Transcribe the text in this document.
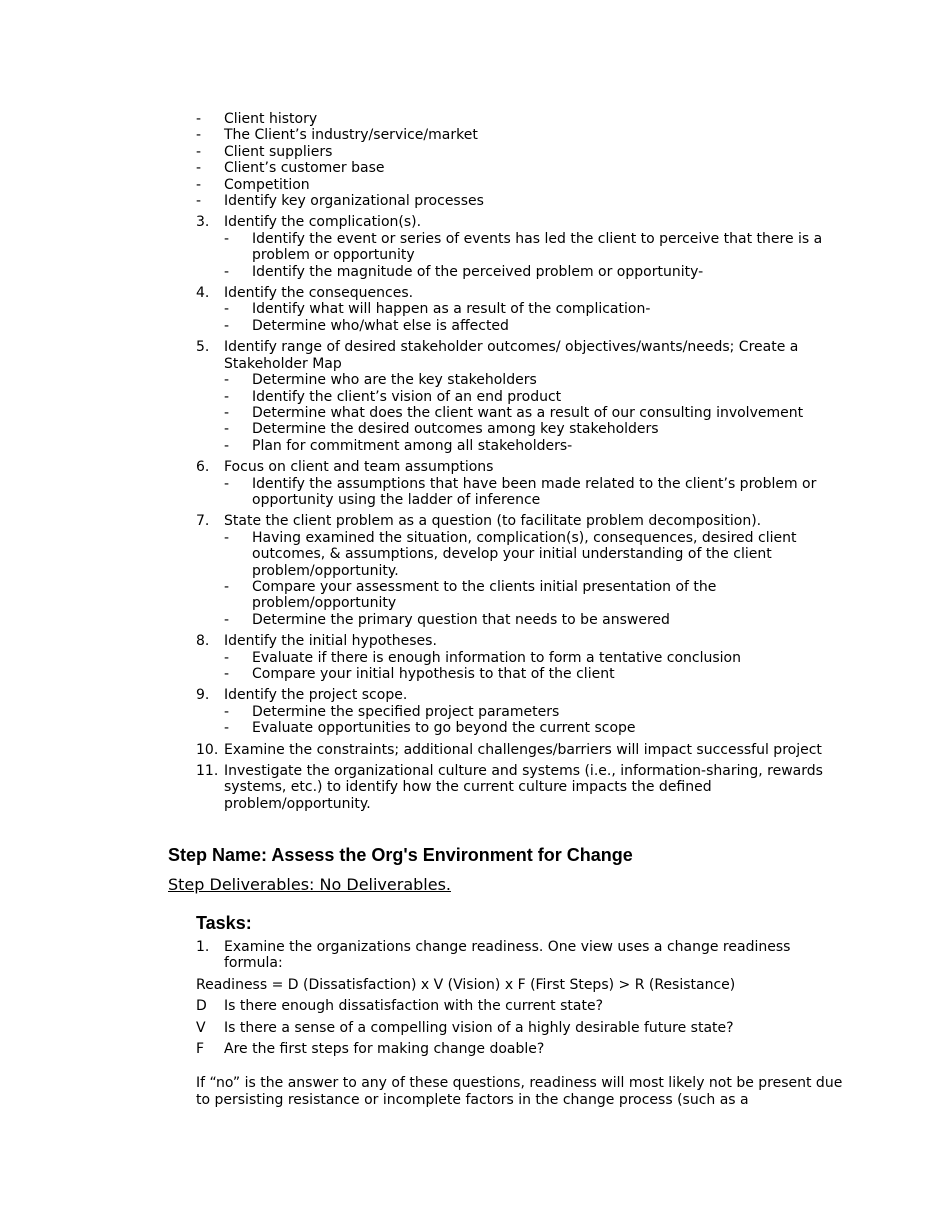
- Client history
- The Client’s industry/service/market
- Client suppliers
- Client’s customer base
- Competition
- Identify key organizational processes
3. Identify the complication(s).
- Identify the event or series of events has led the client to perceive that there is a problem or opportunity
- Identify the magnitude of the perceived problem or opportunity-
4. Identify the consequences.
- Identify what will happen as a result of the complication-
- Determine who/what else is affected
5. Identify range of desired stakeholder outcomes/ objectives/wants/needs; Create a Stakeholder Map
- Determine who are the key stakeholders
- Identify the client’s vision of an end product
- Determine what does the client want as a result of our consulting involvement
- Determine the desired outcomes among key stakeholders
- Plan for commitment among all stakeholders-
6. Focus on client and team assumptions
- Identify the assumptions that have been made related to the client’s problem or opportunity using the ladder of inference
7. State the client problem as a question (to facilitate problem decomposition).
- Having examined the situation, complication(s), consequences, desired client outcomes, & assumptions, develop your initial understanding of the client problem/opportunity.
- Compare your assessment to the clients initial presentation of the problem/opportunity
- Determine the primary question that needs to be answered
8. Identify the initial hypotheses.
- Evaluate if there is enough information to form a tentative conclusion
- Compare your initial hypothesis to that of the client
9. Identify the project scope.
- Determine the specified project parameters
- Evaluate opportunities to go beyond the current scope
10. Examine the constraints; additional challenges/barriers will impact successful project
11. Investigate the organizational culture and systems (i.e., information-sharing, rewards systems, etc.) to identify how the current culture impacts the defined problem/opportunity.
Step Name: Assess the Org's Environment for Change
Step Deliverables: No Deliverables.
Tasks:
1. Examine the organizations change readiness. One view uses a change readiness formula:
Readiness = D (Dissatisfaction) x V (Vision) x F (First Steps) > R (Resistance)
D Is there enough dissatisfaction with the current state?
V Is there a sense of a compelling vision of a highly desirable future state?
F Are the first steps for making change doable?
If “no” is the answer to any of these questions, readiness will most likely not be present due to persisting resistance or incomplete factors in the change process (such as a
